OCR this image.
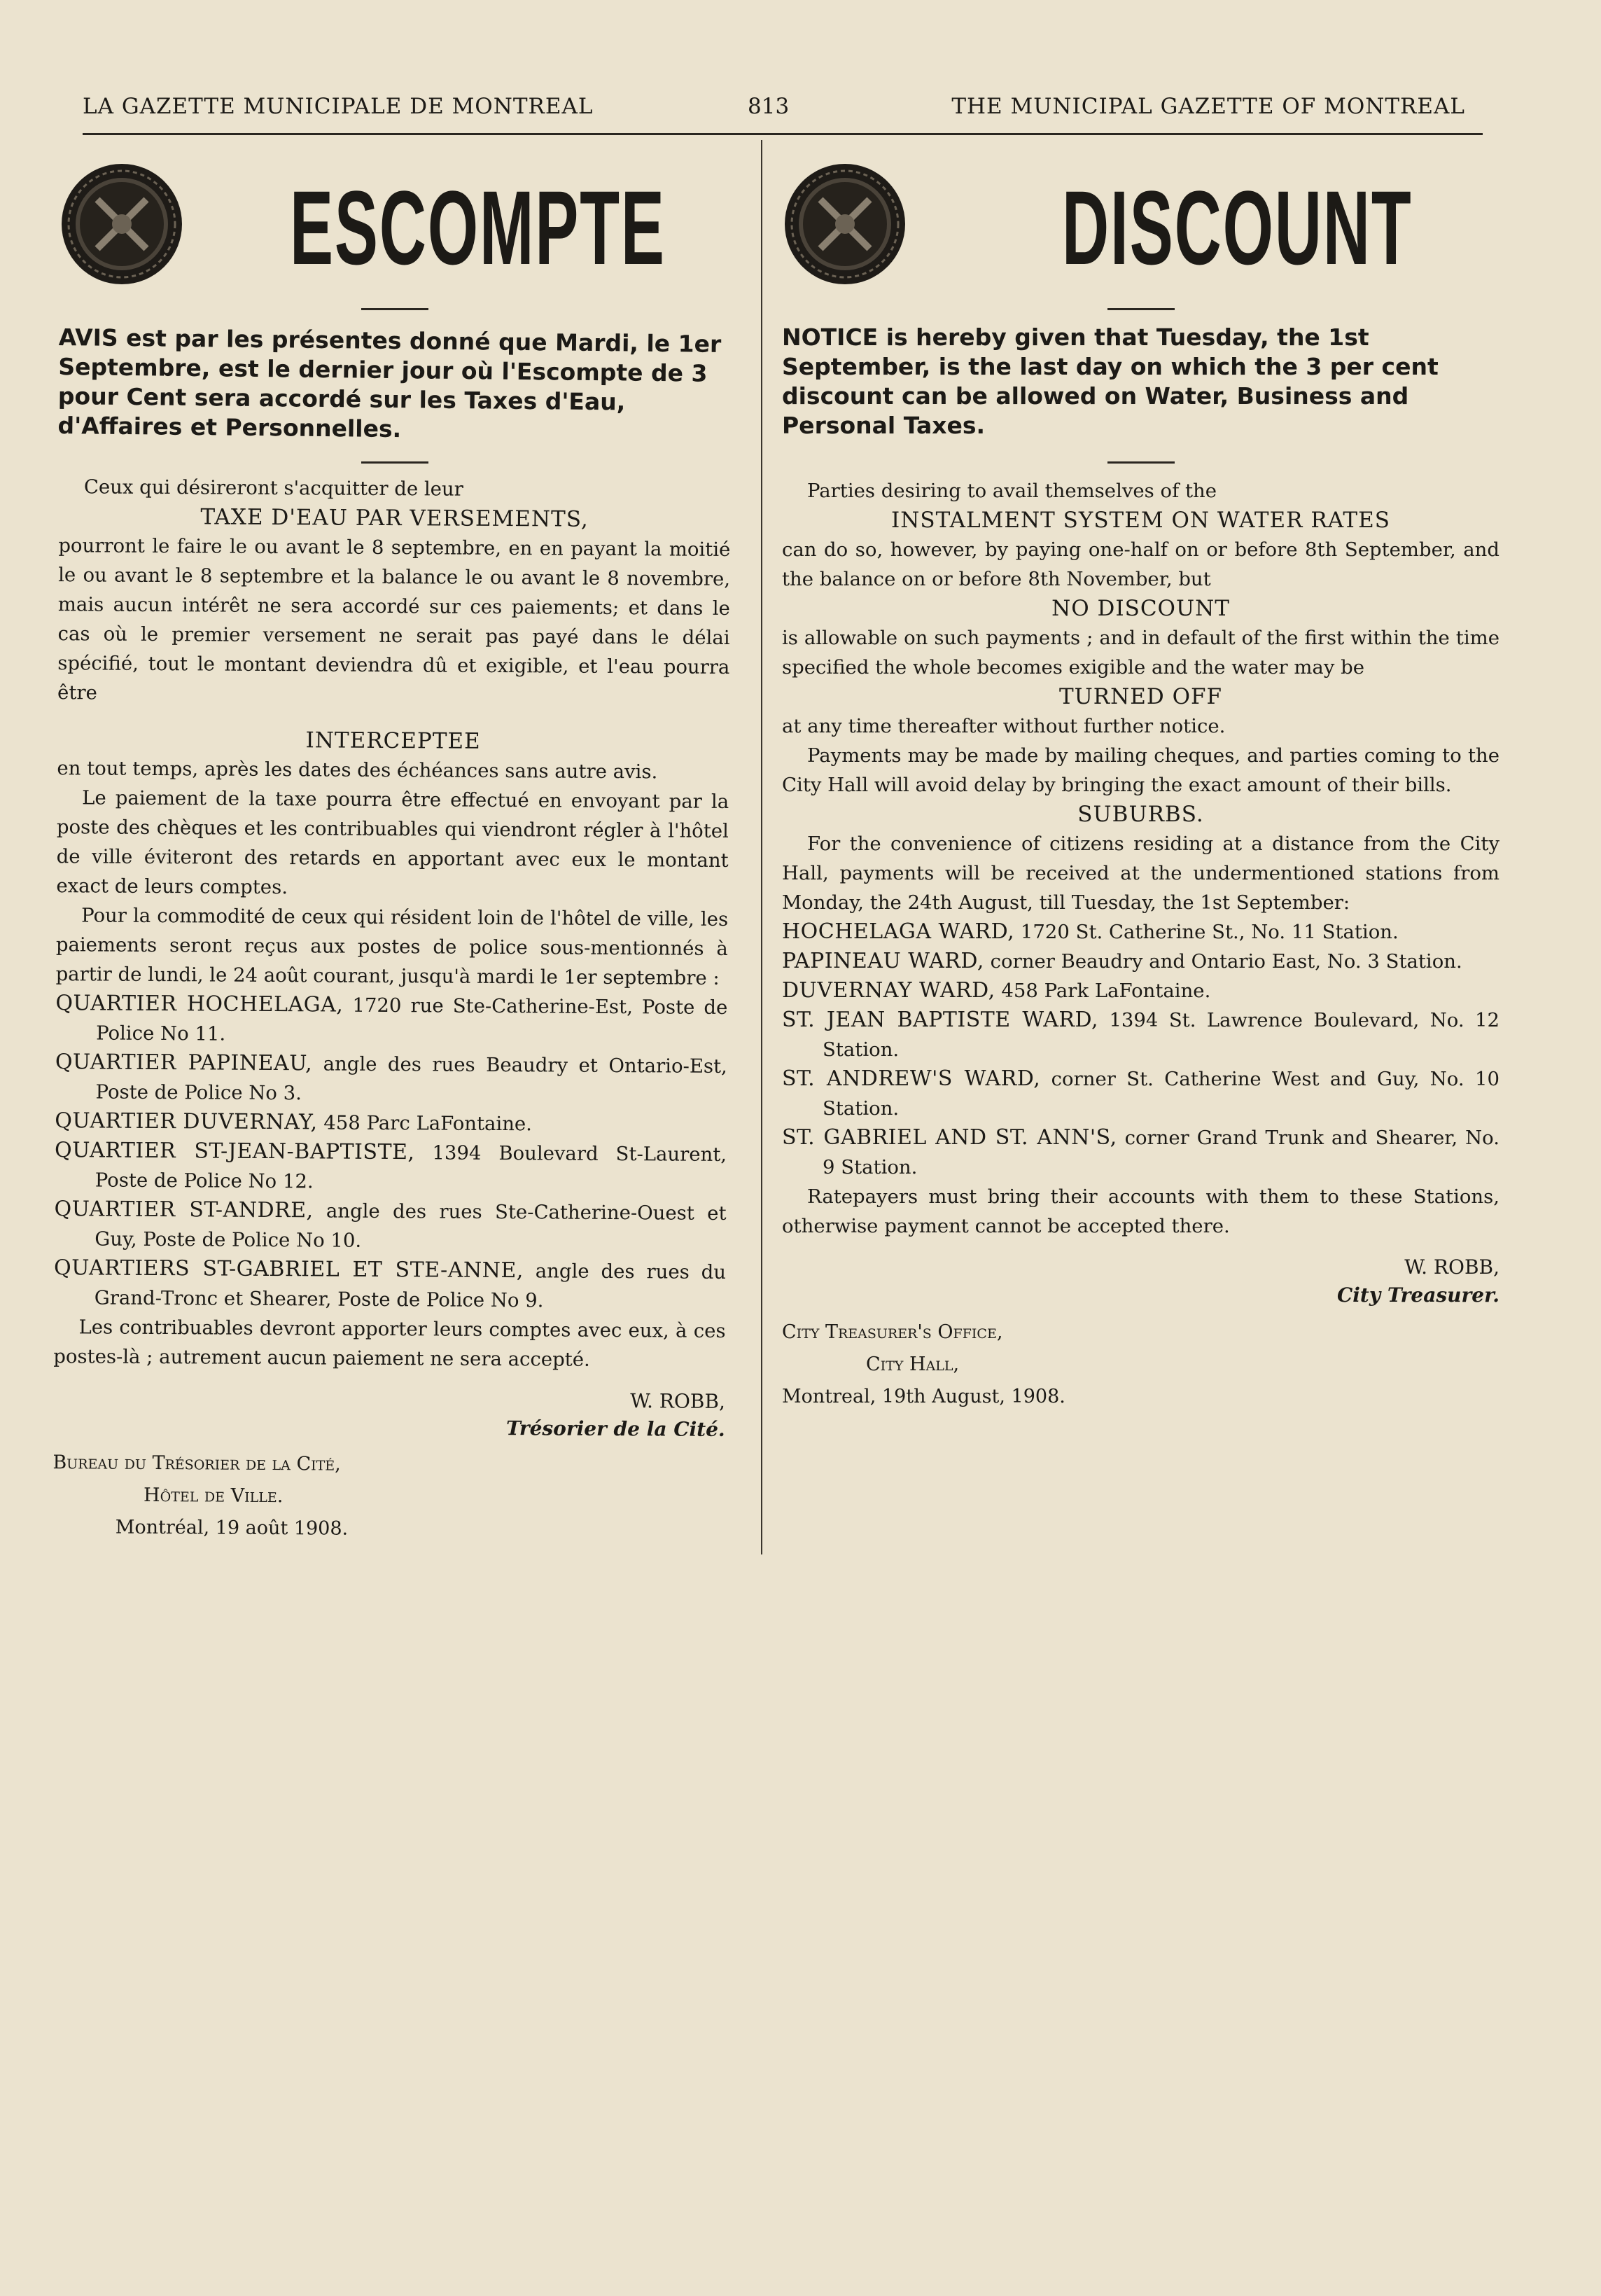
LA GAZETTE MUNICIPALE DE MONTREAL	813	THE MUNICIPAL GAZETTE OF MONTREAL
ESCOMPTE

AVIS est par les présentes donné que Mardi, le 1er Septembre, est le dernier jour où l'Escompte de 3 pour Cent sera accordé sur les Taxes d'Eau, d'Affaires et Personnelles.

Ceux qui désireront s'acquitter de leur

TAXE D'EAU PAR VERSEMENTS,

pourront le faire le ou avant le 8 septembre, en en payant la moitié le ou avant le 8 septembre et la balance le ou avant le 8 novembre, mais aucun intérêt ne sera accordé sur ces paiements; et dans le cas où le premier versement ne serait pas payé dans le délai spécifié, tout le montant deviendra dû et exigible, et l'eau pourra être

INTERCEPTEE

en tout temps, après les dates des échéances sans autre avis.

Le paiement de la taxe pourra être effectué en envoyant par la poste des chèques et les contribuables qui viendront régler à l'hôtel de ville éviteront des retards en apportant avec eux le montant exact de leurs comptes.

Pour la commodité de ceux qui résident loin de l'hôtel de ville, les paiements seront reçus aux postes de police sous-mentionnés à partir de lundi, le 24 août courant, jusqu'à mardi le 1er septembre :

QUARTIER HOCHELAGA, 1720 rue Ste-Catherine-Est, Poste de Police No 11.

QUARTIER PAPINEAU, angle des rues Beaudry et Ontario-Est, Poste de Police No 3.

QUARTIER DUVERNAY, 458 Parc LaFontaine.

QUARTIER ST-JEAN-BAPTISTE, 1394 Boulevard St-Laurent, Poste de Police No 12.

QUARTIER ST-ANDRE, angle des rues Ste-Catherine-Ouest et Guy, Poste de Police No 10.

QUARTIERS ST-GABRIEL ET STE-ANNE, angle des rues du Grand-Tronc et Shearer, Poste de Police No 9.

Les contribuables devront apporter leurs comptes avec eux, à ces postes-là ; autrement aucun paiement ne sera accepté.

W. ROBB,
Trésorier de la Cité.
Bureau du Trésorier de la Cité,
Hôtel de Ville.
Montréal, 19 août 1908.
DISCOUNT

NOTICE is hereby given that Tuesday, the 1st September, is the last day on which the 3 per cent discount can be allowed on Water, Business and Personal Taxes.

Parties desiring to avail themselves of the

INSTALMENT SYSTEM ON WATER RATES

can do so, however, by paying one-half on or before 8th September, and the balance on or before 8th November, but

NO DISCOUNT

is allowable on such payments ; and in default of the first within the time specified the whole becomes exigible and the water may be

TURNED OFF

at any time thereafter without further notice.

Payments may be made by mailing cheques, and parties coming to the City Hall will avoid delay by bringing the exact amount of their bills.

SUBURBS.

For the convenience of citizens residing at a distance from the City Hall, payments will be received at the undermentioned stations from Monday, the 24th August, till Tuesday, the 1st September:

HOCHELAGA WARD, 1720 St. Catherine St., No. 11 Station.

PAPINEAU WARD, corner Beaudry and Ontario East, No. 3 Station.

DUVERNAY WARD, 458 Park LaFontaine.

ST. JEAN BAPTISTE WARD, 1394 St. Lawrence Boulevard, No. 12 Station.

ST. ANDREW'S WARD, corner St. Catherine West and Guy, No. 10 Station.

ST. GABRIEL AND ST. ANN'S, corner Grand Trunk and Shearer, No. 9 Station.

Ratepayers must bring their accounts with them to these Stations, otherwise payment cannot be accepted there.

W. ROBB,
City Treasurer.
City Treasurer's Office,
City Hall,
Montreal, 19th August, 1908.
